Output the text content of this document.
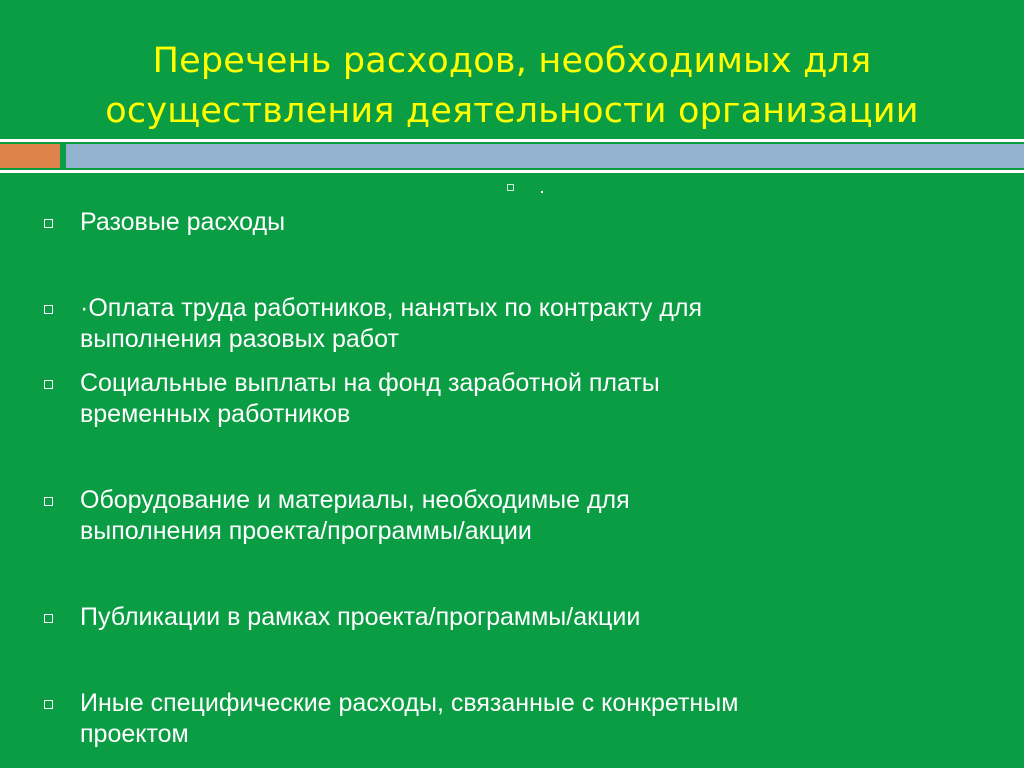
Перечень расходов, необходимых для
осуществления деятельности организации
Разовые расходы
·Оплата труда работников, нанятых по контракту для
выполнения разовых работ
Социальные выплаты на фонд заработной платы
временных работников
Оборудование и материалы, необходимые для
выполнения проекта/программы/акции
Публикации в рамках проекта/программы/акции
Иные специфические расходы, связанные с конкретным
проектом
